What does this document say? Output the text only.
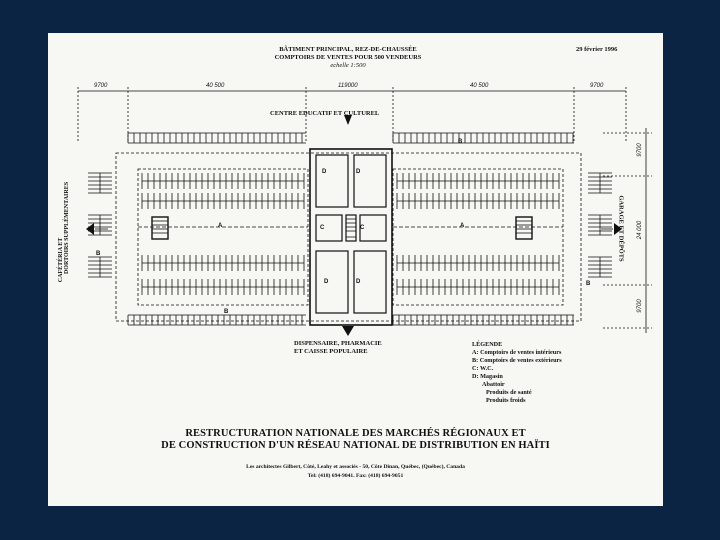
BÂTIMENT PRINCIPAL, REZ-DE-CHAUSSÉE
COMPTOIRS DE VENTES POUR 500 VENDEURS
echelle 1:500
29 février 1996
9700	40 500	119000	40 500	9700
9700
24 000
9700
CENTRE EDUCATIF ET CULTUREL
DISPENSAIRE, PHARMACIE
ET CAISSE POPULAIRE
CAFÉTÉRIA ET DORTOIRS SUPPLÉMENTAIRES	GARAGE ET DÉPÔTS
A	A
B
B
B
B
D	D
C	C
D	D
LÉGENDE
A: Comptoirs de ventes intérieurs
B: Comptoirs de ventes extérieurs
C: W.C.
D: Magasin
Abattoir
Produits de santé
Produits froids
RESTRUCTURATION NATIONALE DES MARCHÉS RÉGIONAUX ET
DE CONSTRUCTION D'UN RÉSEAU NATIONAL DE DISTRIBUTION EN HAÏTI
Les architectes Gilbert, Côté, Leahy et associés - 50, Côte Dinan, Québec, (Québec), Canada
Tel: (418) 694-9041. Fax: (418) 694-9051
